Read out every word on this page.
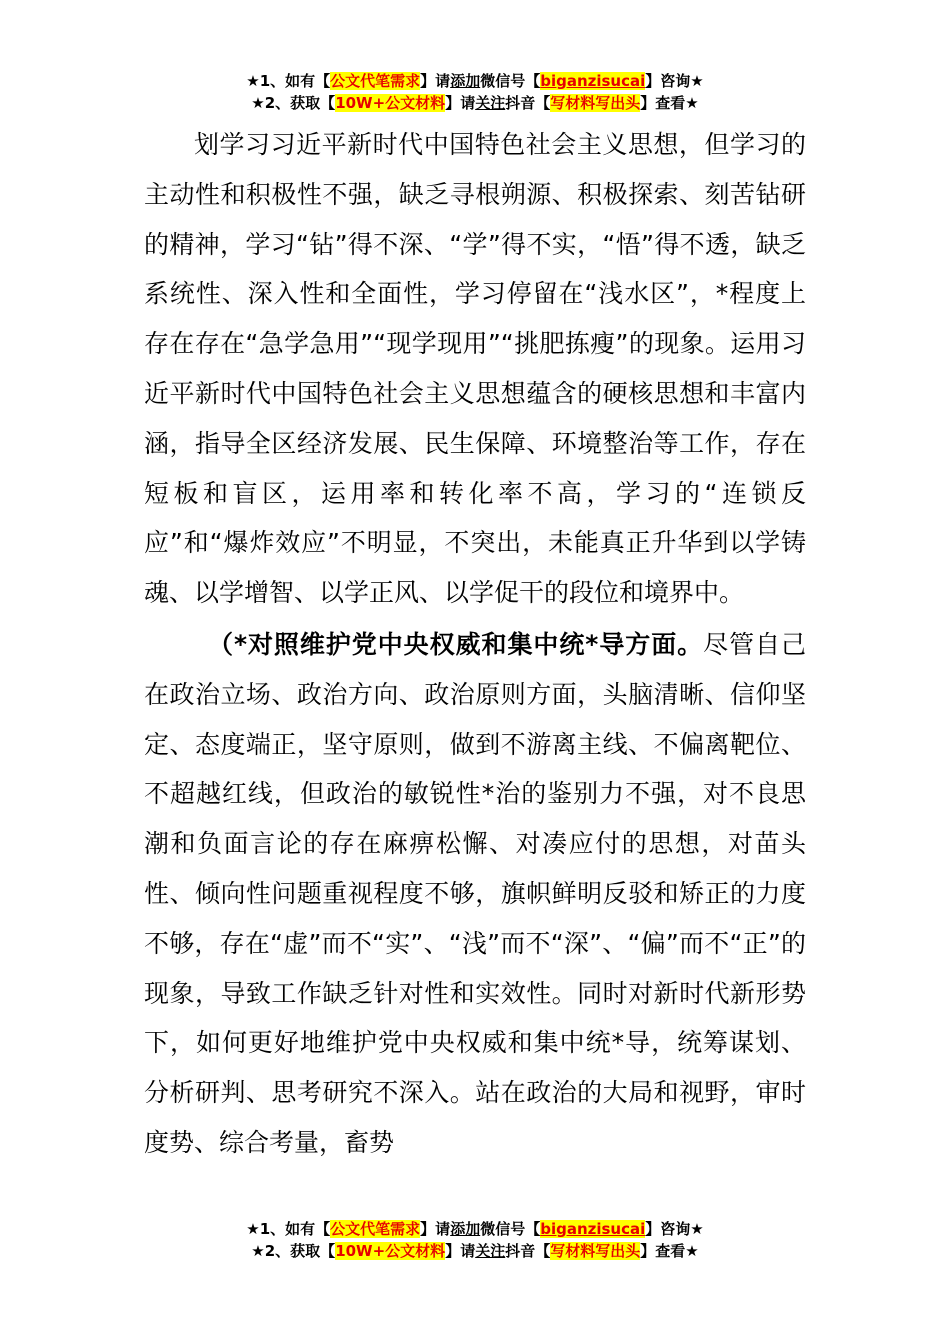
★1、如有【公文代笔需求】请添加微信号【biganzisucai】咨询★
★2、获取【10W+公文材料】请关注抖音【写材料写出头】查看★

划学习习近平新时代中国特色社会主义思想，但学习的主动性和积极性不强，缺乏寻根朔源、积极探索、刻苦钻研的精神，学习“钻”得不深、“学”得不实，“悟”得不透，缺乏系统性、深入性和全面性，学习停留在“浅水区”，*程度上存在存在“急学急用”“现学现用”“挑肥拣瘦”的现象。运用习近平新时代中国特色社会主义思想蕴含的硬核思想和丰富内涵，指导全区经济发展、民生保障、环境整治等工作，存在短板和盲区，运用率和转化率不高，学习的“连锁反应”和“爆炸效应”不明显，不突出，未能真正升华到以学铸魂、以学增智、以学正风、以学促干的段位和境界中。

（*对照维护党中央权威和集中统*导方面。尽管自己在政治立场、政治方向、政治原则方面，头脑清晰、信仰坚定、态度端正，坚守原则，做到不游离主线、不偏离靶位、不超越红线，但政治的敏锐性*治的鉴别力不强，对不良思潮和负面言论的存在麻痹松懈、对凑应付的思想，对苗头性、倾向性问题重视程度不够，旗帜鲜明反驳和矫正的力度不够，存在“虚”而不“实”、“浅”而不“深”、“偏”而不“正”的现象，导致工作缺乏针对性和实效性。同时对新时代新形势下，如何更好地维护党中央权威和集中统*导，统筹谋划、分析研判、思考研究不深入。站在政治的大局和视野，审时度势、综合考量，畜势

★1、如有【公文代笔需求】请添加微信号【biganzisucai】咨询★
★2、获取【10W+公文材料】请关注抖音【写材料写出头】查看★
